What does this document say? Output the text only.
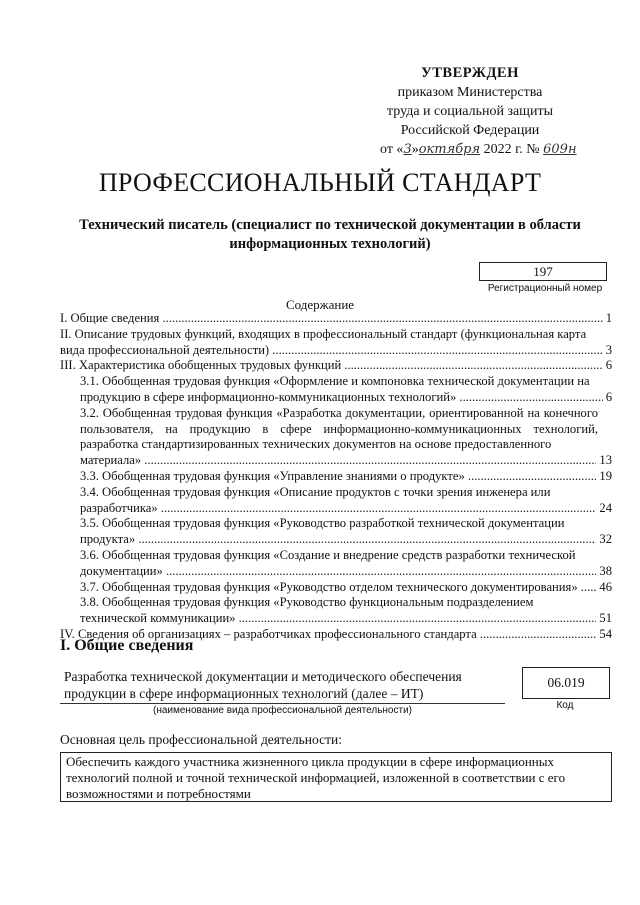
УТВЕРЖДЕН
приказом Министерства
труда и социальной защиты
Российской Федерации
от «3»октября 2022 г. № 609н
ПРОФЕССИОНАЛЬНЫЙ СТАНДАРТ
Технический писатель (специалист по технической документации в области информационных технологий)
197
Регистрационный номер
Содержание
I. Общие сведения .....	1
II. Описание трудовых функций, входящих в профессиональный стандарт (функциональная карта
вида профессиональной деятельности) .....	3
III. Характеристика обобщенных трудовых функций .....	6
3.1. Обобщенная трудовая функция «Оформление и компоновка технической документации на
продукцию в сфере информационно-коммуникационных технологий» .....	6
3.2. Обобщенная трудовая функция «Разработка документации, ориентированной на конечного пользователя, на продукцию в сфере информационно-коммуникационных технологий, разработка стандартизированных технических документов на основе предоставленного
материала» .....	13
3.3. Обобщенная трудовая функция «Управление знаниями о продукте» .....	19
3.4. Обобщенная трудовая функция «Описание продуктов с точки зрения инженера или
разработчика» .....	24
3.5. Обобщенная трудовая функция «Руководство разработкой технической документации
продукта» .....	32
3.6. Обобщенная трудовая функция «Создание и внедрение средств разработки технической
документации» .....	38
3.7. Обобщенная трудовая функция «Руководство отделом технического документирования» .....	46
3.8. Обобщенная трудовая функция «Руководство функциональным подразделением
технической коммуникации» .....	51
IV. Сведения об организациях – разработчиках профессионального стандарта .....	54
I. Общие сведения
Разработка технической документации и методического обеспечения продукции в сфере информационных технологий (далее – ИТ)
(наименование вида профессиональной деятельности)
06.019
Код
Основная цель профессиональной деятельности:
Обеспечить каждого участника жизненного цикла продукции в сфере информационных технологий полной и точной технической информацией, изложенной в соответствии с его возможностями и потребностями
